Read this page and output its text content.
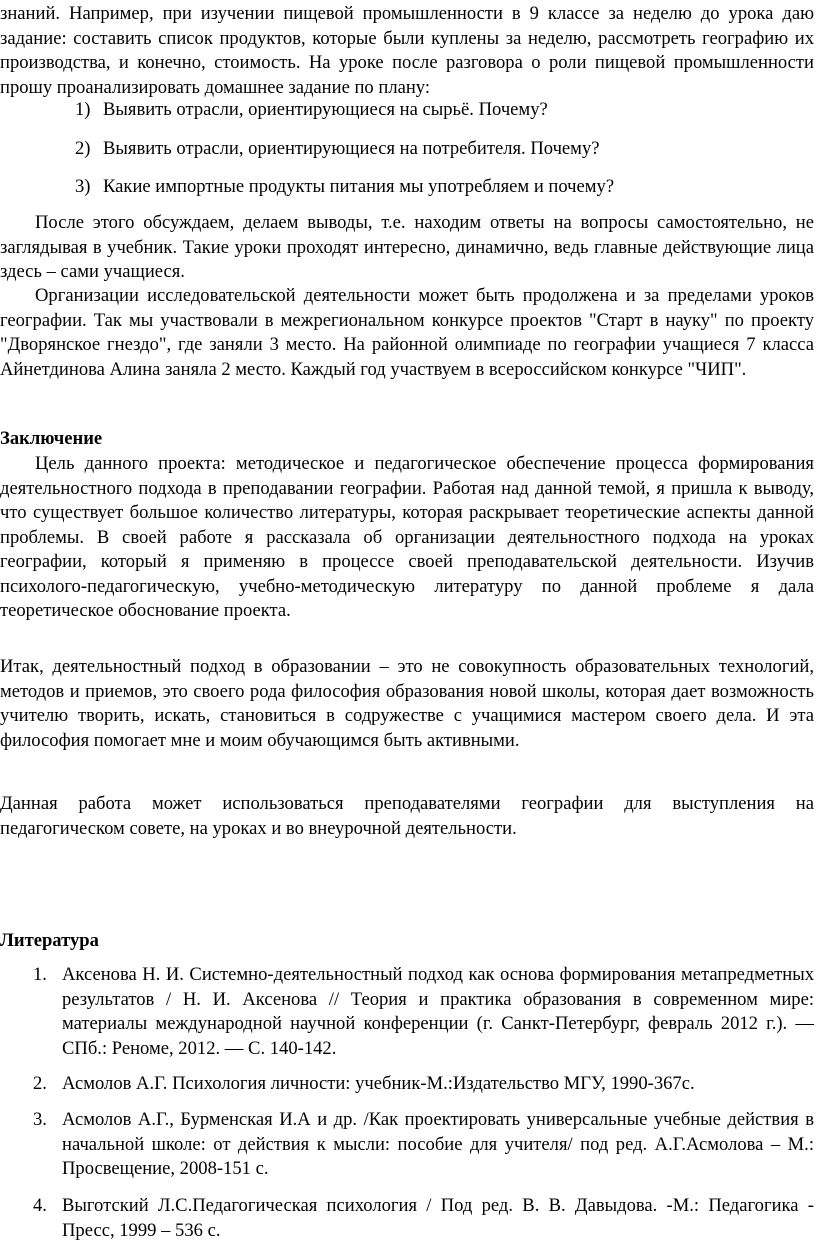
знаний. Например, при изучении пищевой промышленности в 9 классе за неделю до урока даю задание: составить список продуктов, которые были куплены за неделю, рассмотреть географию их производства, и конечно, стоимость. На уроке после разговора о роли пищевой промышленности прошу проанализировать домашнее задание по плану:

1) Выявить отрасли, ориентирующиеся на сырьё. Почему?
2) Выявить отрасли, ориентирующиеся на потребителя. Почему?
3) Какие импортные продукты питания мы употребляем и почему?

После этого обсуждаем, делаем выводы, т.е. находим ответы на вопросы самостоятельно, не заглядывая в учебник. Такие уроки проходят интересно, динамично, ведь главные действующие лица здесь – сами учащиеся.

Организации исследовательской деятельности может быть продолжена и за пределами уроков географии. Так мы участвовали в межрегиональном конкурсе проектов "Старт в науку" по проекту "Дворянское гнездо", где заняли 3 место. На районной олимпиаде по географии учащиеся 7 класса Айнетдинова Алина заняла 2 место. Каждый год участвуем в всероссийском конкурсе "ЧИП".

Заключение

Цель данного проекта: методическое и педагогическое обеспечение процесса формирования деятельностного подхода в преподавании географии. Работая над данной темой, я пришла к выводу, что существует большое количество литературы, которая раскрывает теоретические аспекты данной проблемы. В своей работе я рассказала об организации деятельностного подхода на уроках географии, который я применяю в процессе своей преподавательской деятельности. Изучив психолого-педагогическую, учебно-методическую литературу по данной проблеме я дала теоретическое обоснование проекта.

Итак, деятельностный подход в образовании – это не совокупность образовательных технологий, методов и приемов, это своего рода философия образования новой школы, которая дает возможность учителю творить, искать, становиться в содружестве с учащимися мастером своего дела. И эта философия помогает мне и моим обучающимся быть активными.

Данная работа может использоваться преподавателями географии для выступления на педагогическом совете, на уроках и во внеурочной деятельности.

Литература
1. Аксенова Н. И. Системно-деятельностный подход как основа формирования метапредметных результатов / Н. И. Аксенова // Теория и практика образования в современном мире: материалы международной научной конференции (г. Санкт-Петербург, февраль 2012 г.). — СПб.: Реноме, 2012. — С. 140-142.

2. Асмолов А.Г. Психология личности: учебник-М.:Издательство МГУ, 1990-367с.

3. Асмолов А.Г., Бурменская И.А и др. /Как проектировать универсальные учебные действия в начальной школе: от действия к мысли: пособие для учителя/ под ред. А.Г.Асмолова – М.: Просвещение, 2008-151 с.

4. Выготский Л.С.Педагогическая психология / Под ред. В. В. Давыдова. -М.: Педагогика - Пресс, 1999 – 536 с.
